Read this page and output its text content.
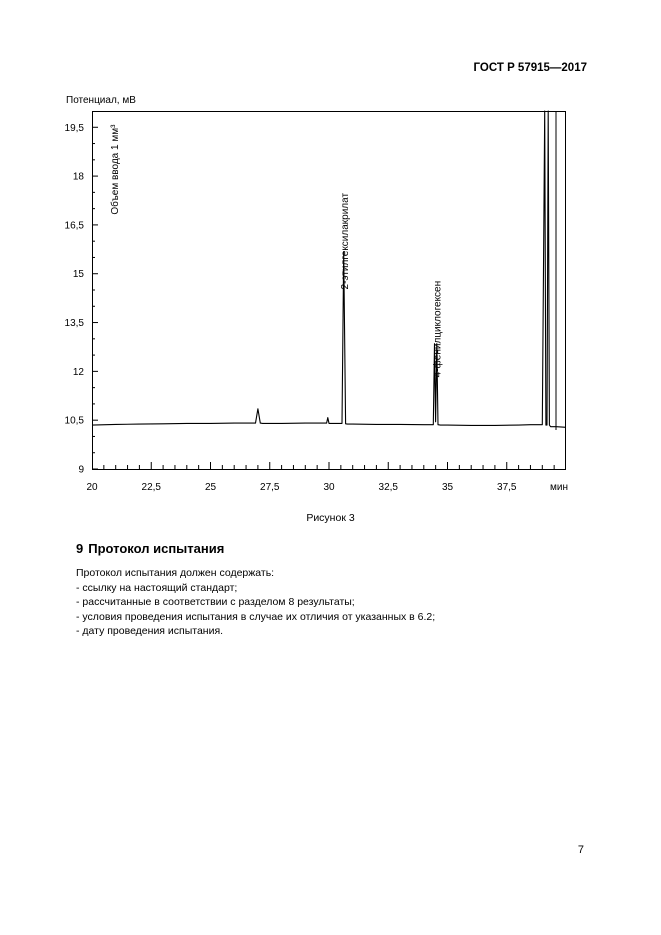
ГОСТ Р 57915—2017
Потенциал, мВ
9
10,5
12
13,5
15
16,5
18
19,5
20	22,5	25	27,5	30	32,5	35	37,5	мин
Объем ввода 1 мм³
2-этилгексилакрилат
4-фенилциклогексен
Рисунок 3
9 Протокол испытания
Протокол испытания должен содержать:
- ссылку на настоящий стандарт;
- рассчитанные в соответствии с разделом 8 результаты;
- условия проведения испытания в случае их отличия от указанных в 6.2;
- дату проведения испытания.
7
